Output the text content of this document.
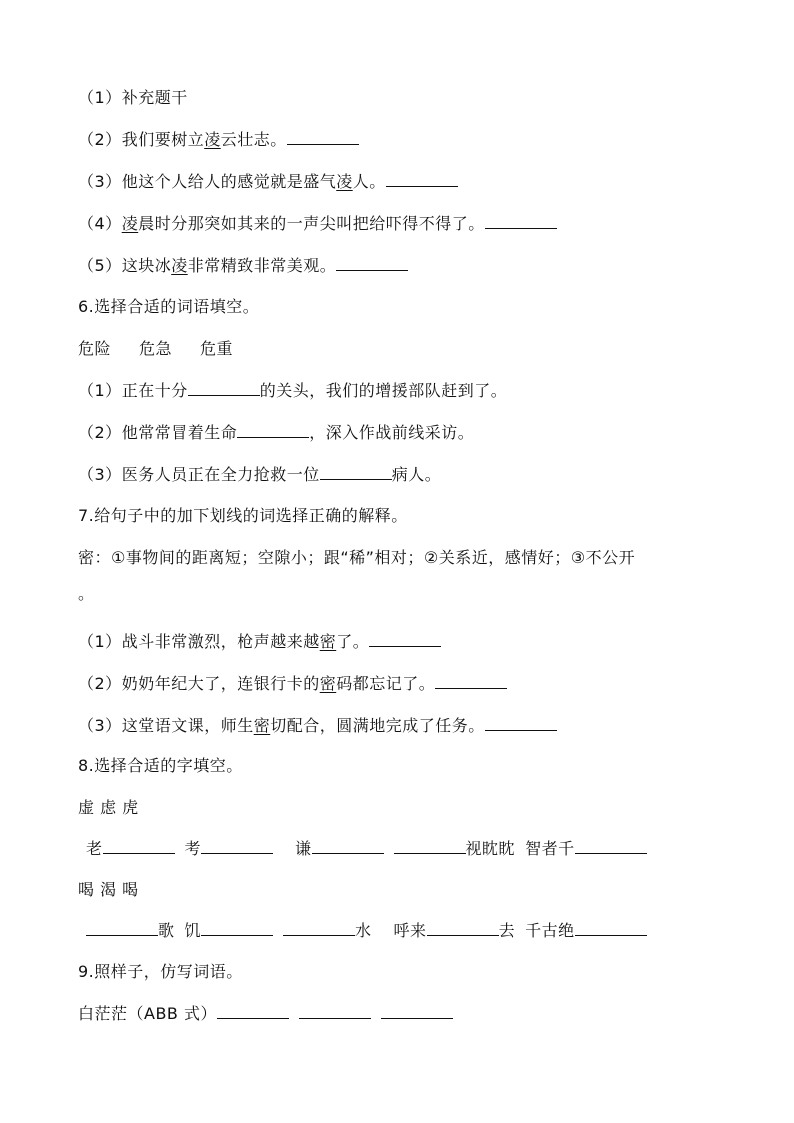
（1）补充题干
（2）我们要树立凌云壮志。
（3）他这个人给人的感觉就是盛气凌人。
（4）凌晨时分那突如其来的一声尖叫把给吓得不得了。
（5）这块冰凌非常精致非常美观。
6.选择合适的词语填空。
危险 危急 危重
（1）正在十分	的关头，我们的增援部队赶到了。
（2）他常常冒着生命	，深入作战前线采访。
（3）医务人员正在全力抢救一位	病人。
7.给句子中的加下划线的词选择正确的解释。
密：①事物间的距离短；空隙小；跟“稀”相对；②关系近，感情好；③不公开
。
（1）战斗非常激烈，枪声越来越密了。
（2）奶奶年纪大了，连银行卡的密码都忘记了。
（3）这堂语文课，师生密切配合，圆满地完成了任务。
8.选择合适的字填空。
虚 虑 虎
老	考	谦	视眈眈 智者千
喝 渴 喝
歌 饥	水 呼来	去 千古绝
9.照样子，仿写词语。
白茫茫（ABB 式）
